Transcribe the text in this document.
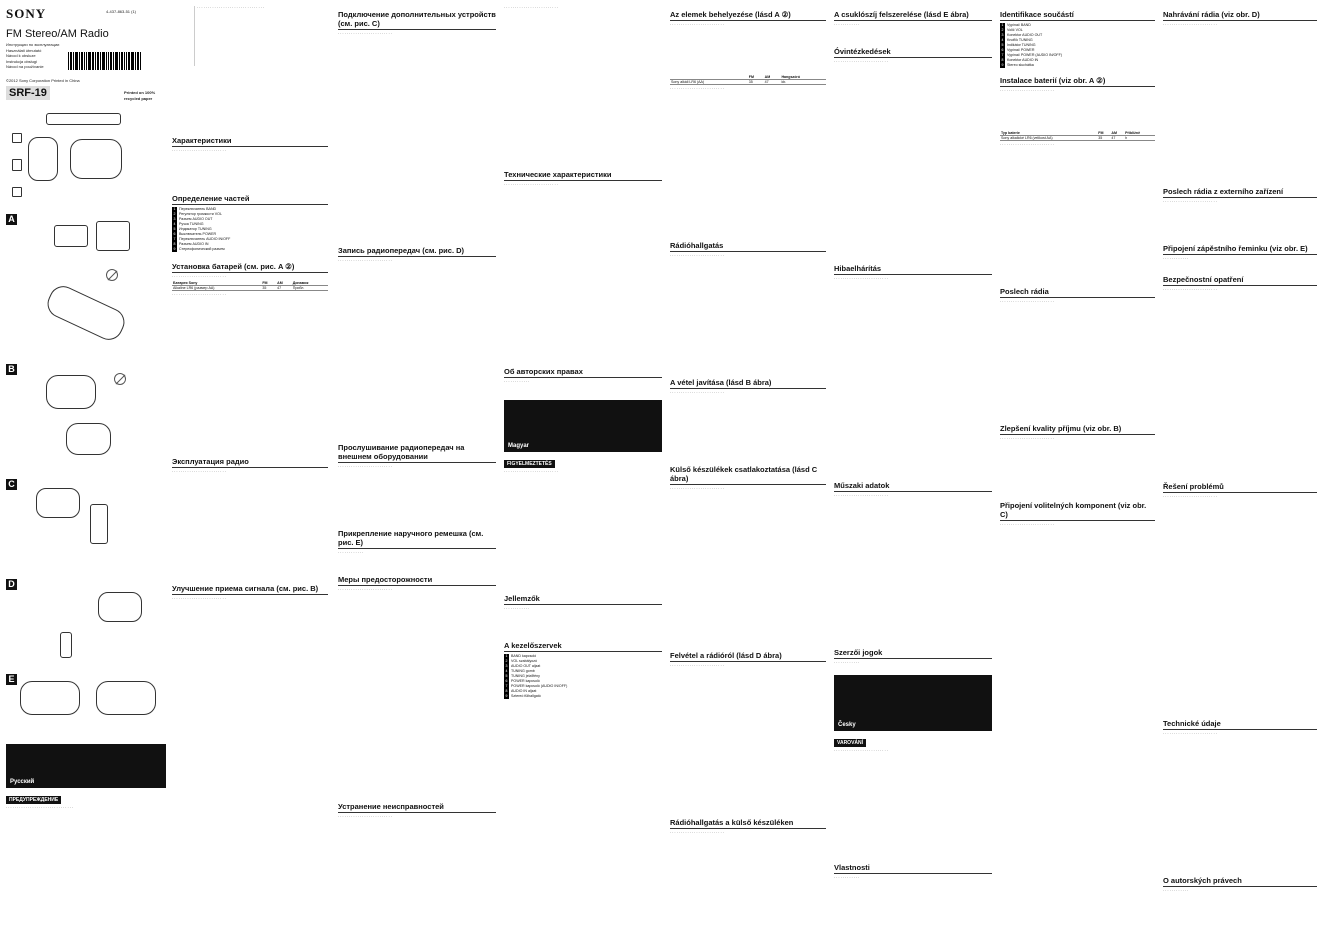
SONY	4-437-863-51 (1)
FM Stereo/AM Radio
Инструкции по эксплуатации
Használati útmutató
Návod k obsluze
Instrukcja obsługi
Návod na používanie
Printed on 100% recycled paper
©2012 Sony Corporation Printed in China
SRF-19
A
B
C
D
E
Русский
ПРЕДУПРЕЖДЕНИЕ
· · · · · · · · · · · · · · · · · · · · · · · · · · · · · · ·
· · · · · · · · · · · · · · · · · · · · · · · · · · · · · · ·
Характеристики
· · · · · · · · · · · · · · · · · · · · · · · · ·
Определение частей
1 Переключатель BAND
2 Регулятор громкости VOL
3 Разъем AUDIO OUT
4 Ручка TUNING
5 Индикатор TUNING
6 Выключатель POWER
7 Переключатель AUDIO IN/OFF
8 Разъем AUDIO IN
9 Стереофонический разъем
Установка батарей (см. рис. A ②)
· · · · · · · · · · · · · · · · · · · · · · · · ·
Батарея Sony	FM	AM	Динамик
Alkaline LR6 (размер AA)	35	47	Прибл.
· · · · · · · · · · · · · · · · · · · · · · · · ·
Эксплуатация радио
· · · · · · · · · · · · · · · · · · · · · · · · ·
Улучшение приема сигнала (см. рис. B)
· · · · · · · · · · · · · · · · · · · · · · · · ·
Подключение дополнительных устройств (см. рис. C)
· · · · · · · · · · · · · · · · · · · · · · · · ·
Запись радиопередач (см. рис. D)
· · · · · · · · · · · · · · · · · · · · · · · · ·
Прослушивание радиопередач на внешнем оборудовании
· · · · · · · · · · · · · · · · · · · · · · · · ·
Прикрепление наручного ремешка (см. рис. E)
· · · · · · · · · · · ·
Меры предосторожности
· · · · · · · · · · · · · · · · · · · · · · · · ·
Устранение неисправностей
· · · · · · · · · · · · · · · · · · · · · · · · ·
· · · · · · · · · · · · · · · · · · · · · · · · ·
Технические характеристики
· · · · · · · · · · · · · · · · · · · · · · · · ·
Об авторских правах
· · · · · · · · · · · ·
Magyar
FIGYELMEZTETÉS
· · · · · · · · · · · · · · · · · · · · · · · · ·
Jellemzők
· · · · · · · · · · · ·
A kezelőszervek
1 BAND kapcsoló
2 VOL szabályozó
3 AUDIO OUT aljzat
4 TUNING gomb
5 TUNING jelzőfény
6 POWER kapcsoló
7 POWER kapcsoló (AUDIO IN/OFF)
8 AUDIO IN aljzat
9 Sztereó fülhallgató
Az elemek behelyezése (lásd A ②)
· · · · · · · · · · · · · · · · · · · · · · · · ·
	FM	AM	Hangszóró
Sony alkáli LR6 (AA)	35	47	kb.
· · · · · · · · · · · · · · · · · · · · · · · · ·
Rádióhallgatás
· · · · · · · · · · · · · · · · · · · · · · · · ·
A vétel javítása (lásd B ábra)
· · · · · · · · · · · · · · · · · · · · · · · · ·
Külső készülékek csatlakoztatása (lásd C ábra)
· · · · · · · · · · · · · · · · · · · · · · · · ·
Felvétel a rádióról (lásd D ábra)
· · · · · · · · · · · · · · · · · · · · · · · · ·
Rádióhallgatás a külső készüléken
· · · · · · · · · · · · · · · · · · · · · · · · ·
A csuklószíj felszerelése (lásd E ábra)
· · · · · · · · · · · ·
Óvintézkedések
· · · · · · · · · · · · · · · · · · · · · · · · ·
Hibaelhárítás
· · · · · · · · · · · · · · · · · · · · · · · · ·
Műszaki adatok
· · · · · · · · · · · · · · · · · · · · · · · · ·
Szerzői jogok
· · · · · · · · · · · ·
Česky
VAROVÁNÍ
· · · · · · · · · · · · · · · · · · · · · · · · ·
Vlastnosti
· · · · · · · · · · · ·
Identifikace součástí
1 Vypínač BAND
2 Volič VOL
3 Konektor AUDIO OUT
4 Knoflík TUNING
5 Indikátor TUNING
6 Vypínač POWER
7 Vypínač POWER (AUDIO IN/OFF)
8 Konektor AUDIO IN
9 Stereo sluchátka
Instalace baterií (viz obr. A ②)
· · · · · · · · · · · · · · · · · · · · · · · · ·
Typ baterie	FM	AM	Přibližně
Sony alkalické LR6 (velikost AA)	35	47	h
· · · · · · · · · · · · · · · · · · · · · · · · ·
Poslech rádia
· · · · · · · · · · · · · · · · · · · · · · · · ·
Zlepšení kvality příjmu (viz obr. B)
· · · · · · · · · · · · · · · · · · · · · · · · ·
Připojení volitelných komponent (viz obr. C)
· · · · · · · · · · · · · · · · · · · · · · · · ·
Nahrávání rádia (viz obr. D)
· · · · · · · · · · · · · · · · · · · · · · · · ·
Poslech rádia z externího zařízení
· · · · · · · · · · · · · · · · · · · · · · · · ·
Připojení zápěstního řeminku (viz obr. E)
· · · · · · · · · · · ·
Bezpečnostní opatření
· · · · · · · · · · · · · · · · · · · · · · · · ·
Řešení problémů
· · · · · · · · · · · · · · · · · · · · · · · · ·
Technické údaje
· · · · · · · · · · · · · · · · · · · · · · · · ·
O autorských právech
· · · · · · · · · · · ·
